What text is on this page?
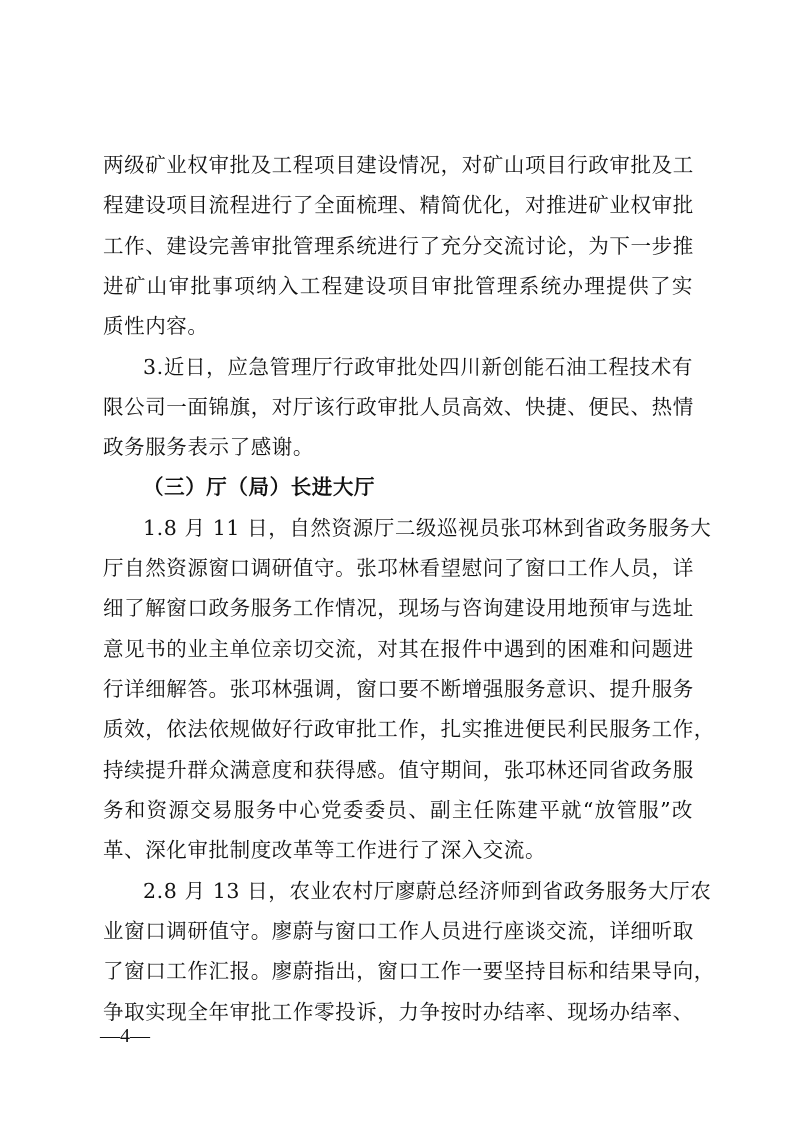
两级矿业权审批及工程项目建设情况，对矿山项目行政审批及工
程建设项目流程进行了全面梳理、精简优化，对推进矿业权审批
工作、建设完善审批管理系统进行了充分交流讨论，为下一步推
进矿山审批事项纳入工程建设项目审批管理系统办理提供了实
质性内容。
3.近日，应急管理厅行政审批处四川新创能石油工程技术有
限公司一面锦旗，对厅该行政审批人员高效、快捷、便民、热情
政务服务表示了感谢。
（三）厅（局）长进大厅
1.8 月 11 日，自然资源厅二级巡视员张邛林到省政务服务大
厅自然资源窗口调研值守。张邛林看望慰问了窗口工作人员，详
细了解窗口政务服务工作情况，现场与咨询建设用地预审与选址
意见书的业主单位亲切交流，对其在报件中遇到的困难和问题进
行详细解答。张邛林强调，窗口要不断增强服务意识、提升服务
质效，依法依规做好行政审批工作，扎实推进便民利民服务工作，
持续提升群众满意度和获得感。值守期间，张邛林还同省政务服
务和资源交易服务中心党委委员、副主任陈建平就“放管服”改
革、深化审批制度改革等工作进行了深入交流。
2.8 月 13 日，农业农村厅廖蔚总经济师到省政务服务大厅农
业窗口调研值守。廖蔚与窗口工作人员进行座谈交流，详细听取
了窗口工作汇报。廖蔚指出，窗口工作一要坚持目标和结果导向，
争取实现全年审批工作零投诉，力争按时办结率、现场办结率、
—4—
